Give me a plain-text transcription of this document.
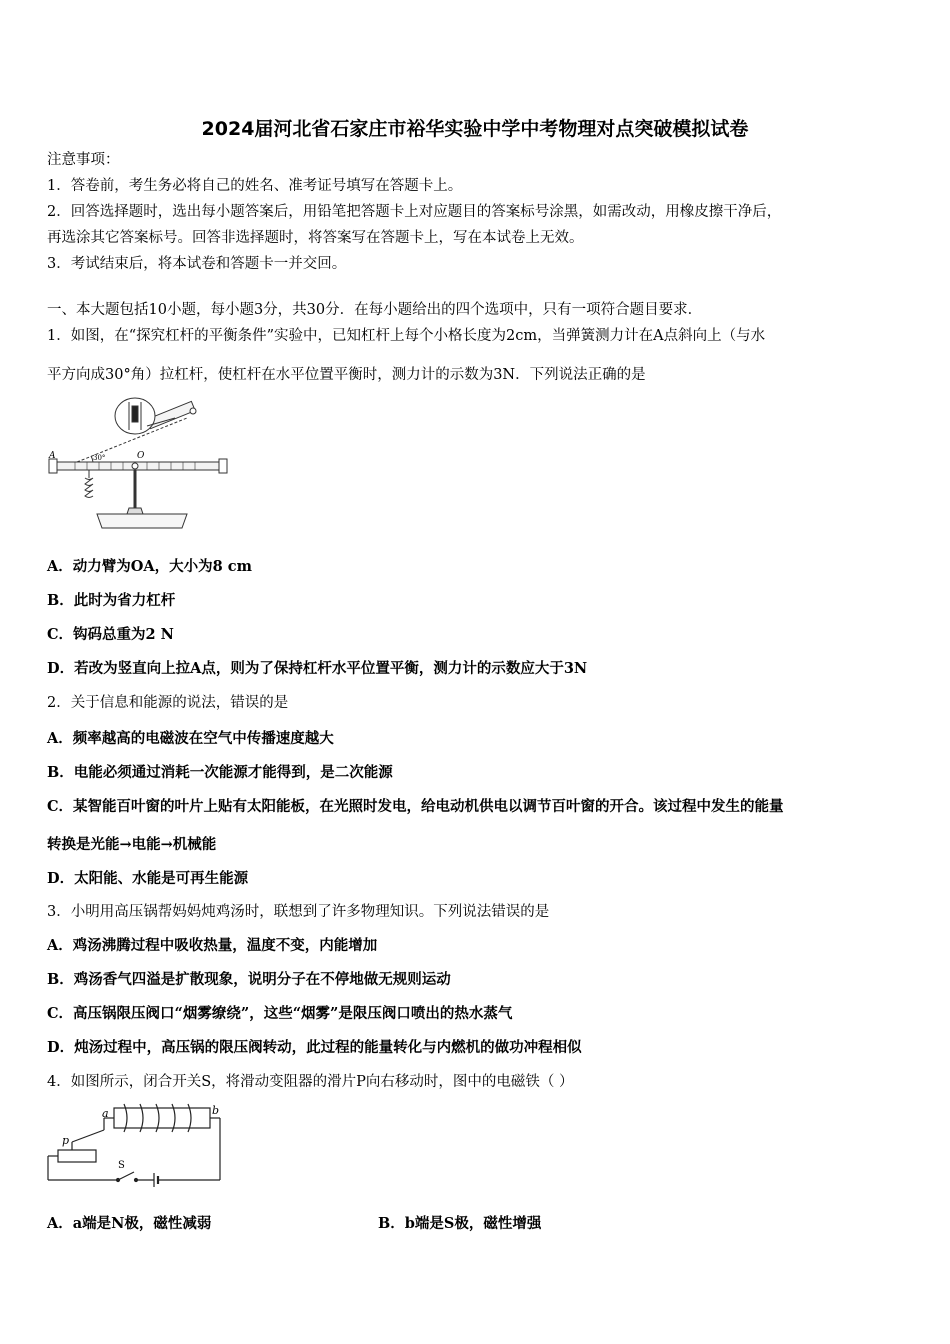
2024届河北省石家庄市裕华实验中学中考物理对点突破模拟试卷
注意事项：
1．答卷前，考生务必将自己的姓名、准考证号填写在答题卡上。
2．回答选择题时，选出每小题答案后，用铅笔把答题卡上对应题目的答案标号涂黑，如需改动，用橡皮擦干净后，
再选涂其它答案标号。回答非选择题时，将答案写在答题卡上，写在本试卷上无效。
3．考试结束后，将本试卷和答题卡一并交回。
一、本大题包括10小题，每小题3分，共30分．在每小题给出的四个选项中，只有一项符合题目要求．
1．如图，在“探究杠杆的平衡条件”实验中，已知杠杆上每个小格长度为2cm，当弹簧测力计在A点斜向上（与水
平方向成30°角）拉杠杆，使杠杆在水平位置平衡时，测力计的示数为3N．下列说法正确的是
A	O
30°
A．动力臂为OA，大小为8 cm
B．此时为省力杠杆
C．钩码总重为2 N
D．若改为竖直向上拉A点，则为了保持杠杆水平位置平衡，测力计的示数应大于3N
2．关于信息和能源的说法，错误的是
A．频率越高的电磁波在空气中传播速度越大
B．电能必须通过消耗一次能源才能得到，是二次能源
C．某智能百叶窗的叶片上贴有太阳能板，在光照时发电，给电动机供电以调节百叶窗的开合。该过程中发生的能量
转换是光能→电能→机械能
D．太阳能、水能是可再生能源
3．小明用高压锅帮妈妈炖鸡汤时，联想到了许多物理知识。下列说法错误的是
A．鸡汤沸腾过程中吸收热量，温度不变，内能增加
B．鸡汤香气四溢是扩散现象，说明分子在不停地做无规则运动
C．高压锅限压阀口“烟雾缭绕”，这些“烟雾”是限压阀口喷出的热水蒸气
D．炖汤过程中，高压锅的限压阀转动，此过程的能量转化与内燃机的做功冲程相似
4．如图所示，闭合开关S，将滑动变阻器的滑片P向右移动时，图中的电磁铁（ ）
a	b
p
S
A．a端是N极，磁性减弱	B．b端是S极，磁性增强
